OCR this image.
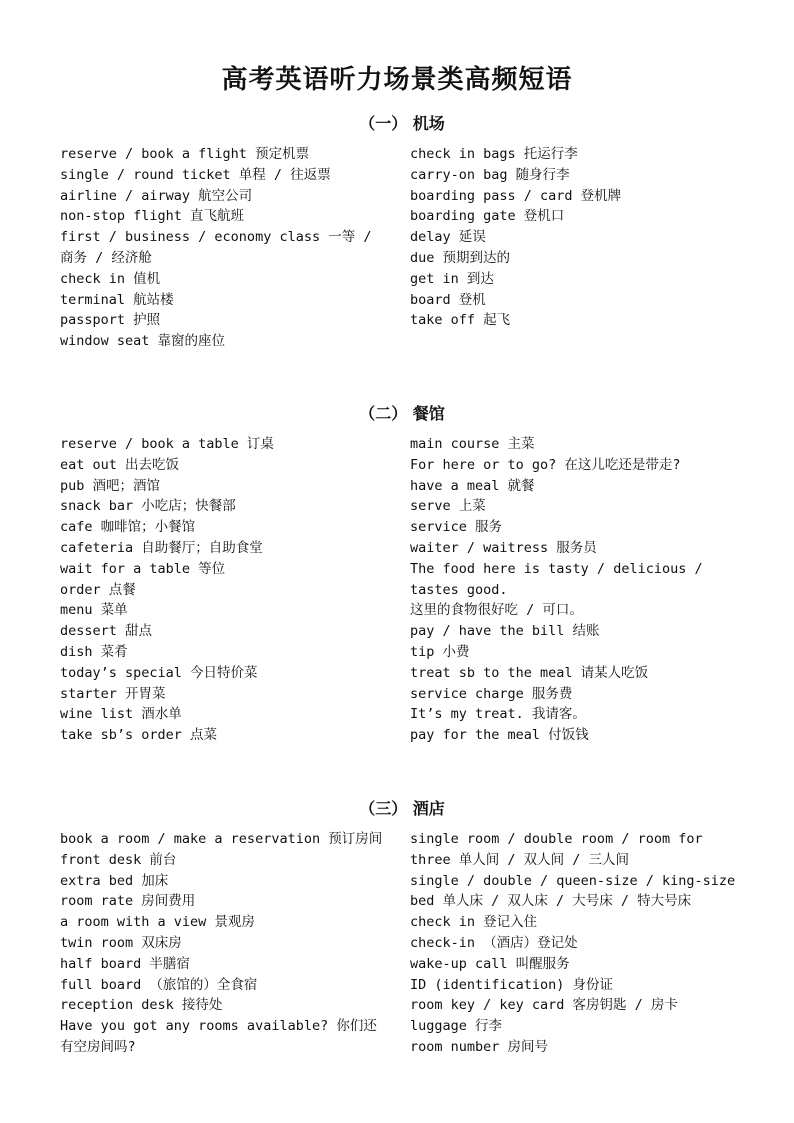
高考英语听力场景类高频短语
（一） 机场
reserve / book a flight 预定机票
single / round ticket 单程 / 往返票
airline / airway 航空公司
non-stop flight 直飞航班
first / business / economy class 一等 / 商务 / 经济舱
check in 值机
terminal 航站楼
passport 护照
window seat 靠窗的座位
check in bags 托运行李
carry-on bag 随身行李
boarding pass / card 登机牌
boarding gate 登机口
delay 延误
due 预期到达的
get in 到达
board 登机
take off 起飞
（二） 餐馆
reserve / book a table 订桌
eat out 出去吃饭
pub 酒吧；酒馆
snack bar 小吃店；快餐部
cafe 咖啡馆；小餐馆
cafeteria 自助餐厅；自助食堂
wait for a table 等位
order 点餐
menu 菜单
dessert 甜点
dish 菜肴
today’s special 今日特价菜
starter 开胃菜
wine list 酒水单
take sb’s order 点菜
main course 主菜
For here or to go? 在这儿吃还是带走?
have a meal 就餐
serve 上菜
service 服务
waiter / waitress 服务员
The food here is tasty / delicious / tastes good.
这里的食物很好吃 / 可口。
pay / have the bill 结账
tip 小费
treat sb to the meal 请某人吃饭
service charge 服务费
It’s my treat. 我请客。
pay for the meal 付饭钱
（三） 酒店
book a room / make a reservation 预订房间
front desk 前台
extra bed 加床
room rate 房间费用
a room with a view 景观房
twin room 双床房
half board 半膳宿
full board （旅馆的）全食宿
reception desk 接待处
Have you got any rooms available? 你们还有空房间吗?
single room / double room / room for three 单人间 / 双人间 / 三人间
single / double / queen-size / king-size bed 单人床 / 双人床 / 大号床 / 特大号床
check in 登记入住
check-in （酒店）登记处
wake-up call 叫醒服务
ID (identification) 身份证
room key / key card 客房钥匙 / 房卡
luggage 行李
room number 房间号
